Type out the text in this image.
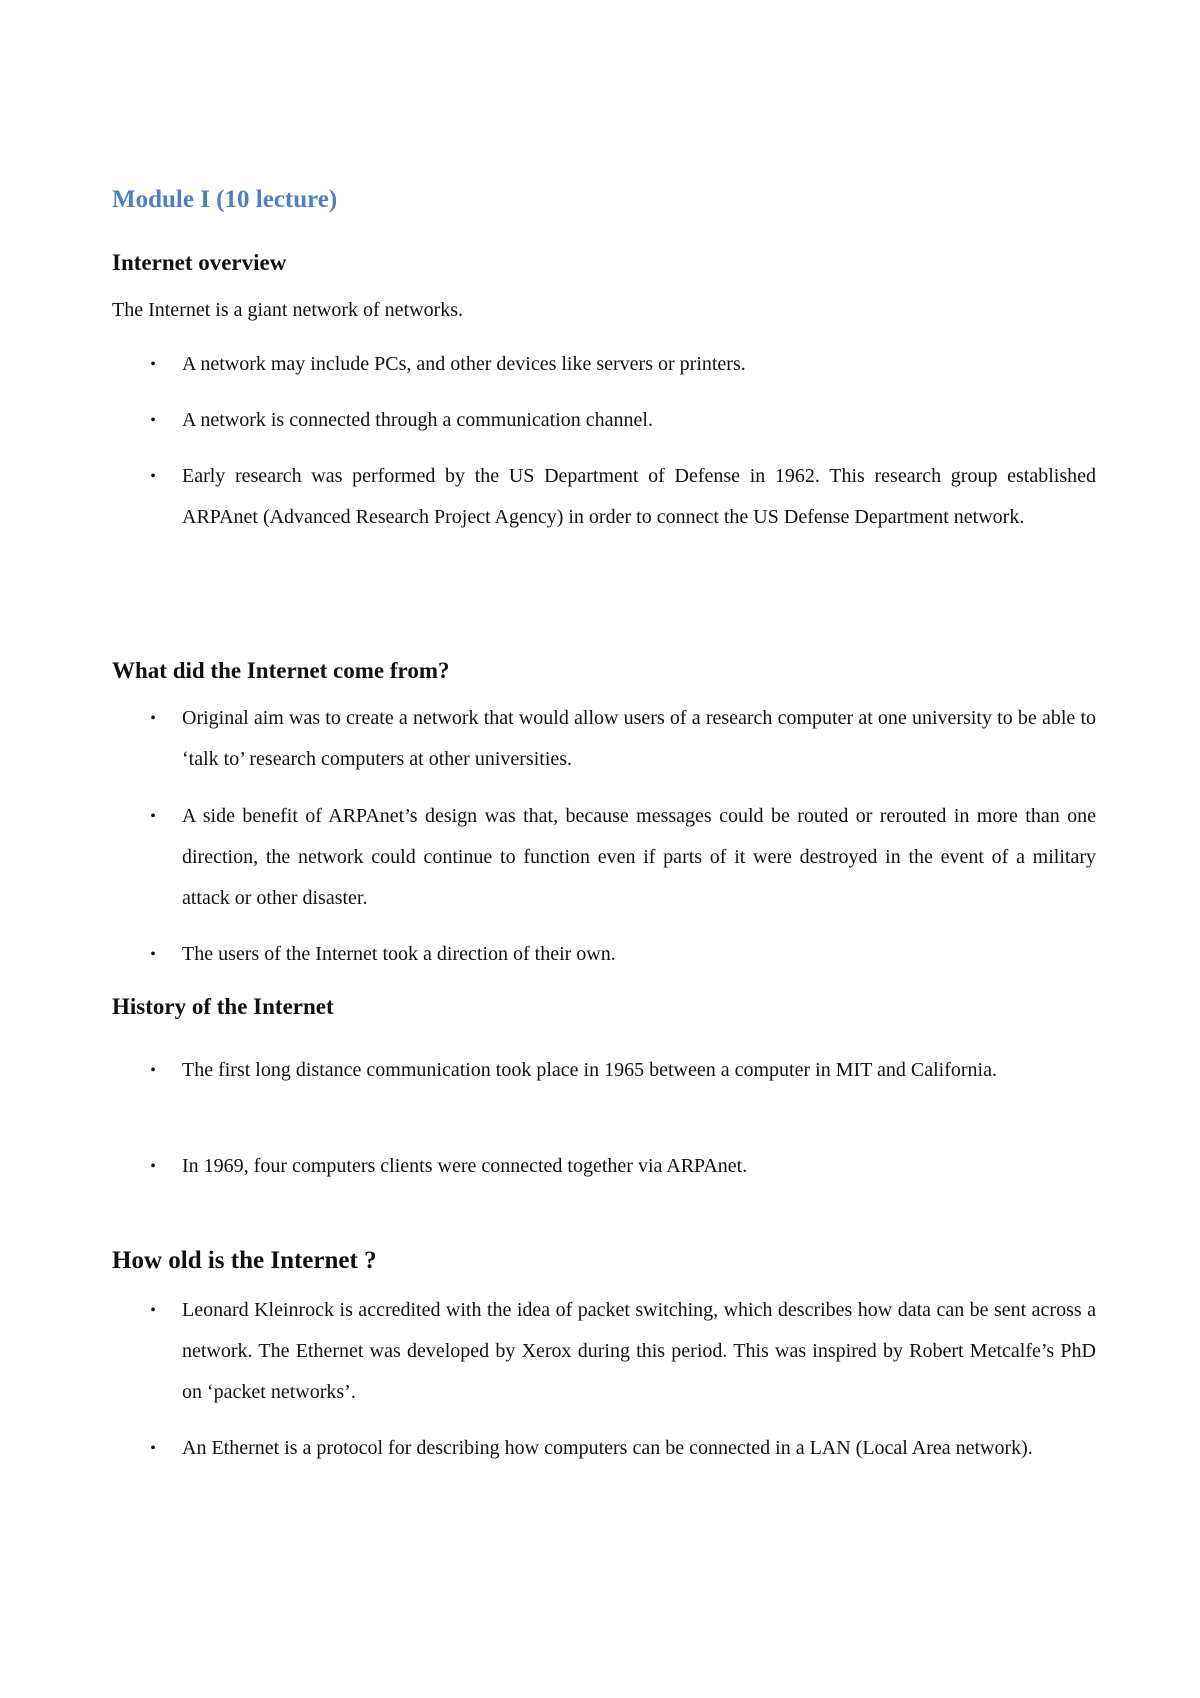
Module I (10 lecture)
Internet overview

The Internet is a giant network of networks.

• A network may include PCs, and other devices like servers or printers.
• A network is connected through a communication channel.
• Early research was performed by the US Department of Defense in 1962. This research group established ARPAnet (Advanced Research Project Agency) in order to connect the US Defense Department network.
What did the Internet come from?
• Original aim was to create a network that would allow users of a research computer at one university to be able to ‘talk to’ research computers at other universities.
• A side benefit of ARPAnet’s design was that, because messages could be routed or rerouted in more than one direction, the network could continue to function even if parts of it were destroyed in the event of a military attack or other disaster.
• The users of the Internet took a direction of their own.
History of the Internet
• The first long distance communication took place in 1965 between a computer in MIT and California.
• In 1969, four computers clients were connected together via ARPAnet.
How old is the Internet ?
• Leonard Kleinrock is accredited with the idea of packet switching, which describes how data can be sent across a network. The Ethernet was developed by Xerox during this period. This was inspired by Robert Metcalfe’s PhD on ‘packet networks’.
• An Ethernet is a protocol for describing how computers can be connected in a LAN (Local Area network).
